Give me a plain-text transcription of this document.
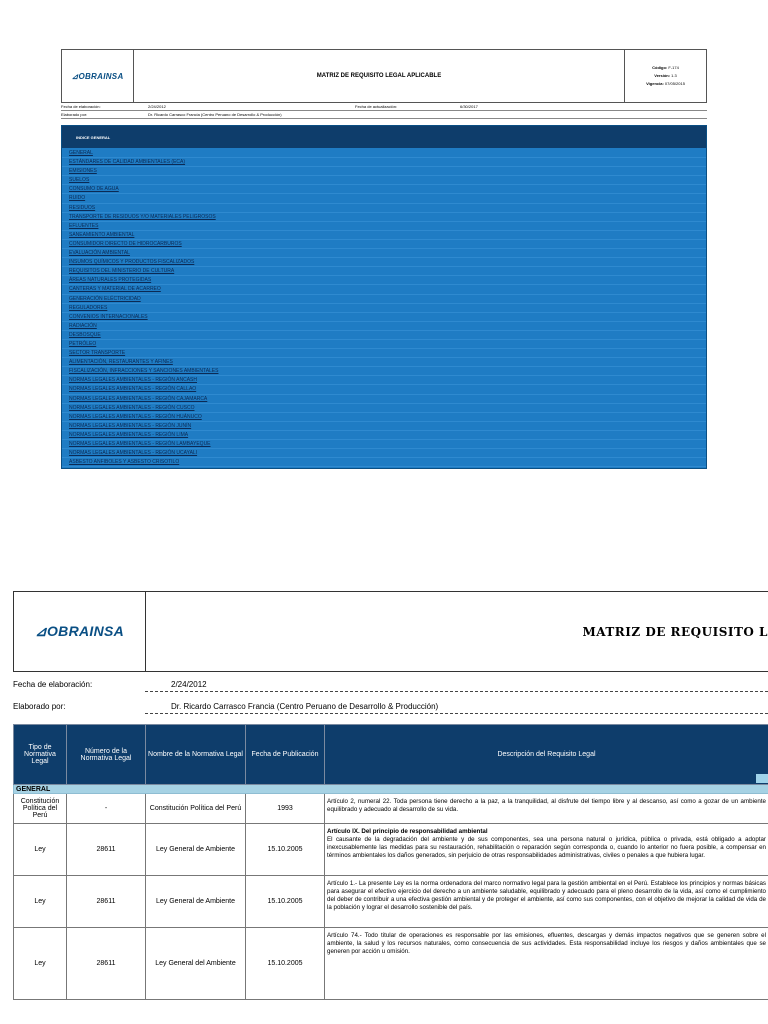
⊿OBRAINSA	MATRIZ DE REQUISITO LEGAL APLICABLE
Código: F-174
Versión: 1.3
Vigencia: 07/05/2015
Fecha de elaboración:	2/24/2012	Fecha de actualización:	6/30/2017
Elaborado por:	Dr. Ricardo Carrasco Francia (Centro Peruano de Desarrollo & Producción)
INDICE GENERAL
GENERAL
ESTÁNDARES DE CALIDAD AMBIENTALES (ECA)
EMISIONES
SUELOS
CONSUMO DE AGUA
RUIDO
RESIDUOS
TRANSPORTE DE RESIDUOS Y/O MATERIALES PELIGROSOS
EFLUENTES
SANEAMIENTO AMBIENTAL
CONSUMIDOR DIRECTO DE HIDROCARBUROS
EVALUACIÓN AMBIENTAL
INSUMOS QUÍMICOS Y PRODUCTOS FISCALIZADOS
REQUISITOS DEL MINISTERIO DE CULTURA
ÁREAS NATURALES PROTEGIDAS
CANTERAS Y MATERIAL DE ACARREO
GENERACIÓN ELÉCTRICIDAD
REGULADORES
CONVENIOS INTERNACIONALES
RADIACIÓN
DESBOSQUE
PETRÓLEO
SECTOR TRANSPORTE
ALIMENTACIÓN, RESTAURANTES Y AFINES
FISCALIZACIÓN, INFRACCIONES Y SANCIONES AMBIENTALES
NORMAS LEGALES AMBIENTALES - REGIÓN ANCASH
NORMAS LEGALES AMBIENTALES - REGIÓN CALLAO
NORMAS LEGALES AMBIENTALES - REGIÓN CAJAMARCA
NORMAS LEGALES AMBIENTALES - REGIÓN CUSCO
NORMAS LEGALES AMBIENTALES - REGIÓN HUÁNUCO
NORMAS LEGALES AMBIENTALES - REGIÓN JUNÍN
NORMAS LEGALES AMBIENTALES - REGIÓN LIMA
NORMAS LEGALES AMBIENTALES - REGIÓN LAMBAYEQUE
NORMAS LEGALES AMBIENTALES - REGIÓN UCAYALI
ASBESTO ANFIBOLES Y ASBESTO CRISOTILO
⊿OBRAINSA	MATRIZ DE REQUISITO L
Fecha de elaboración:	2/24/2012
Elaborado por:	Dr. Ricardo Carrasco Francia (Centro Peruano de Desarrollo & Producción)
Tipo de Normativa Legal	Número de la Normativa Legal	Nombre de la Normativa Legal	Fecha de Publicación	Descripción del Requisito Legal
GENERAL				
Constitución Política del Perú	-	Constitución Política del Perú	1993	Artículo 2, numeral 22. Toda persona tiene derecho a la paz, a la tranquilidad, al disfrute del tiempo libre y al descanso, así como a gozar de un ambiente equilibrado y adecuado al desarrollo de su vida.
Ley	28611	Ley General de Ambiente	15.10.2005	Artículo IX. Del principio de responsabilidad ambiental
El causante de la degradación del ambiente y de sus componentes, sea una persona natural o jurídica, pública o privada, está obligado a adoptar inexcusablemente las medidas para su restauración, rehabilitación o reparación según corresponda o, cuando lo anterior no fuera posible, a compensar en términos ambientales los daños generados, sin perjuicio de otras responsabilidades administrativas, civiles o penales a que hubiera lugar.
Ley	28611	Ley General de Ambiente	15.10.2005	Artículo 1.- La presente Ley es la norma ordenadora del marco normativo legal para la gestión ambiental en el Perú. Establece los principios y normas básicas para asegurar el efectivo ejercicio del derecho a un ambiente saludable, equilibrado y adecuado para el pleno desarrollo de la vida, así como el cumplimiento del deber de contribuir a una efectiva gestión ambiental y de proteger el ambiente, así como sus componentes, con el objetivo de mejorar la calidad de vida de la población y lograr el desarrollo sostenible del país.
Ley	28611	Ley General del Ambiente	15.10.2005	Artículo 74.- Todo titular de operaciones es responsable por las emisiones, efluentes, descargas y demás impactos negativos que se generen sobre el ambiente, la salud y los recursos naturales, como consecuencia de sus actividades. Esta responsabilidad incluye los riesgos y daños ambientales que se generen por acción u omisión.
